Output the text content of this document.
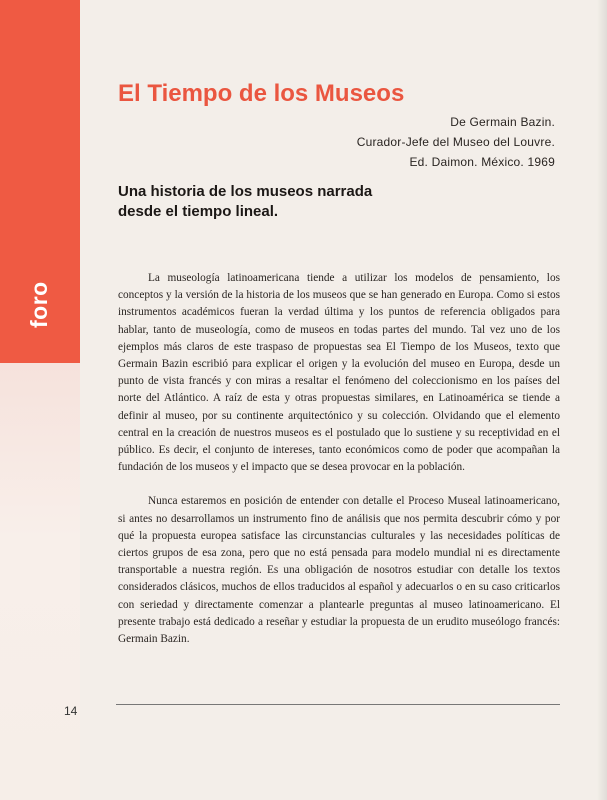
foro
El Tiempo de los Museos
De Germain Bazin.
Curador-Jefe del Museo del Louvre.
Ed. Daimon. México. 1969
Una historia de los museos narrada desde el tiempo lineal.

La museología latinoamericana tiende a utilizar los modelos de pensamiento, los conceptos y la versión de la historia de los museos que se han generado en Europa. Como si estos instrumentos académicos fueran la verdad última y los puntos de referencia obligados para hablar, tanto de museología, como de museos en todas partes del mundo. Tal vez uno de los ejemplos más claros de este traspaso de propuestas sea El Tiempo de los Museos, texto que Germain Bazin escribió para explicar el origen y la evolución del museo en Europa, desde un punto de vista francés y con miras a resaltar el fenómeno del coleccionismo en los países del norte del Atlántico. A raíz de esta y otras propuestas similares, en Latinoamérica se tiende a definir al museo, por su continente arquitectónico y su colección. Olvidando que el elemento central en la creación de nuestros museos es el postulado que lo sustiene y su receptividad en el público. Es decir, el conjunto de intereses, tanto económicos como de poder que acompañan la fundación de los museos y el impacto que se desea provocar en la población.

Nunca estaremos en posición de entender con detalle el Proceso Museal latinoamericano, si antes no desarrollamos un instrumento fino de análisis que nos permita descubrir cómo y por qué la propuesta europea satisface las circunstancias culturales y las necesidades políticas de ciertos grupos de esa zona, pero que no está pensada para modelo mundial ni es directamente transportable a nuestra región. Es una obligación de nosotros estudiar con detalle los textos considerados clásicos, muchos de ellos traducidos al español y adecuarlos o en su caso criticarlos con seriedad y directamente comenzar a plantearle preguntas al museo latinoamericano. El presente trabajo está dedicado a reseñar y estudiar la propuesta de un erudito museólogo francés: Germain Bazin.

14
